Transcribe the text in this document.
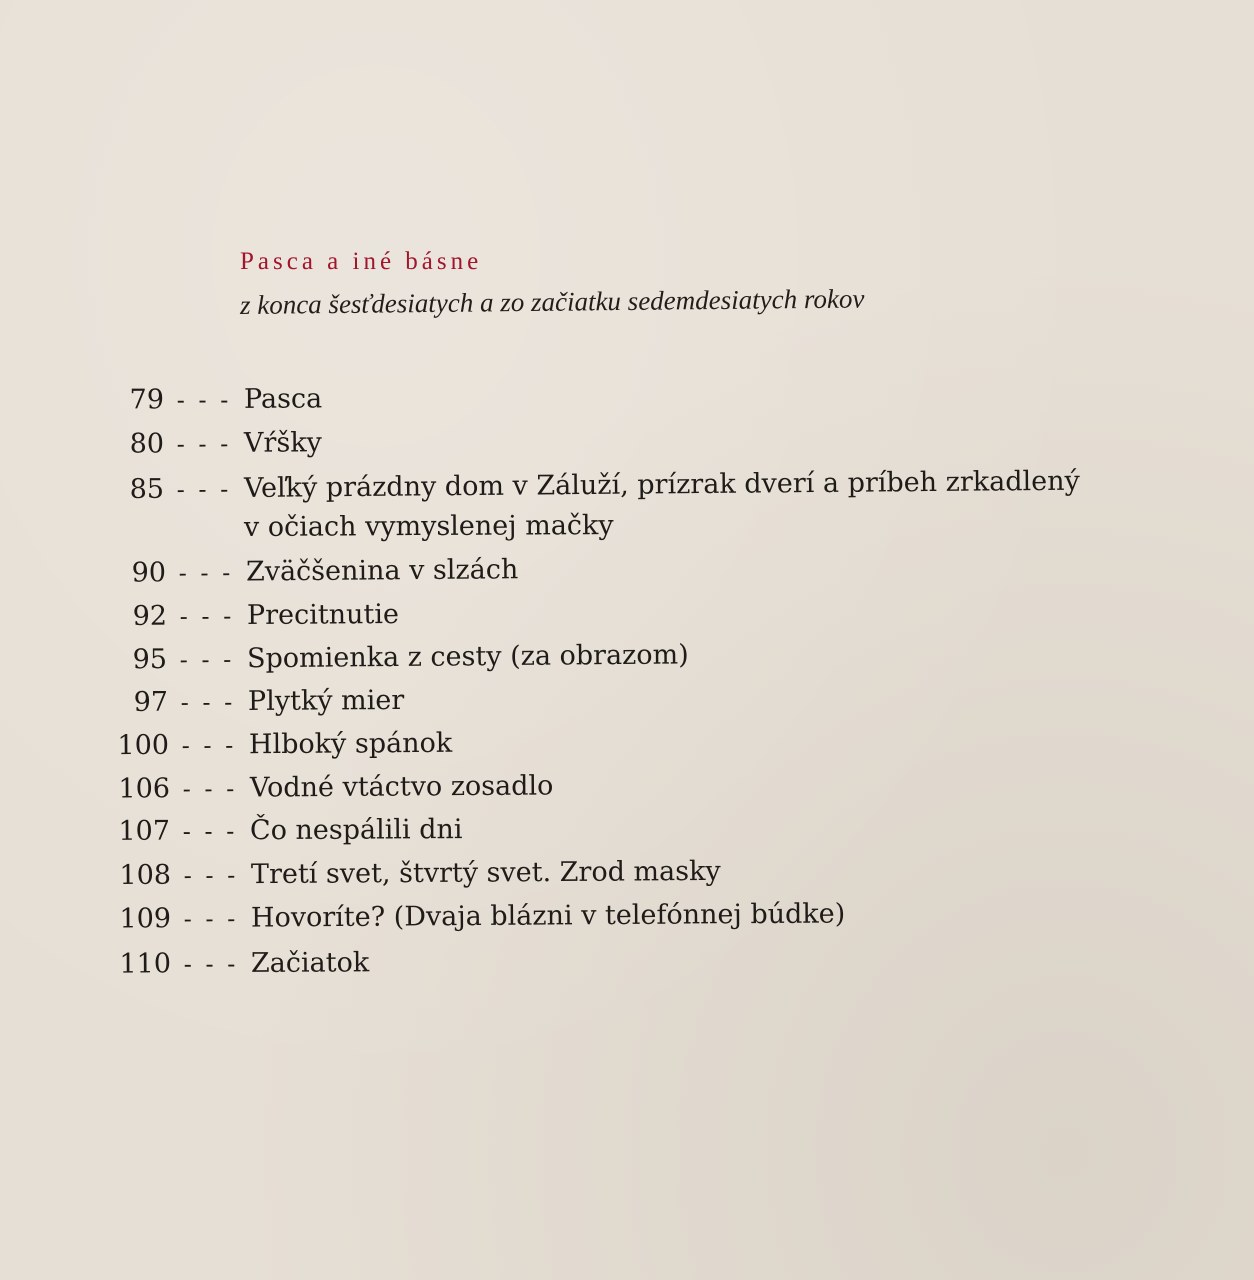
Pasca a iné básne
z konca šesťdesiatych a zo začiatku sedemdesiatych rokov
79 - - - Pasca
80 - - - Vŕšky
85 - - - Veľký prázdny dom v Záluží, prízrak dverí a príbeh zrkadlený
v očiach vymyslenej mačky
90 - - - Zväčšenina v slzách
92 - - - Precitnutie
95 - - - Spomienka z cesty (za obrazom)
97 - - - Plytký mier
100 - - - Hlboký spánok
106 - - - Vodné vtáctvo zosadlo
107 - - - Čo nespálili dni
108 - - - Tretí svet, štvrtý svet. Zrod masky
109 - - - Hovoríte? (Dvaja blázni v telefónnej búdke)
110 - - - Začiatok
